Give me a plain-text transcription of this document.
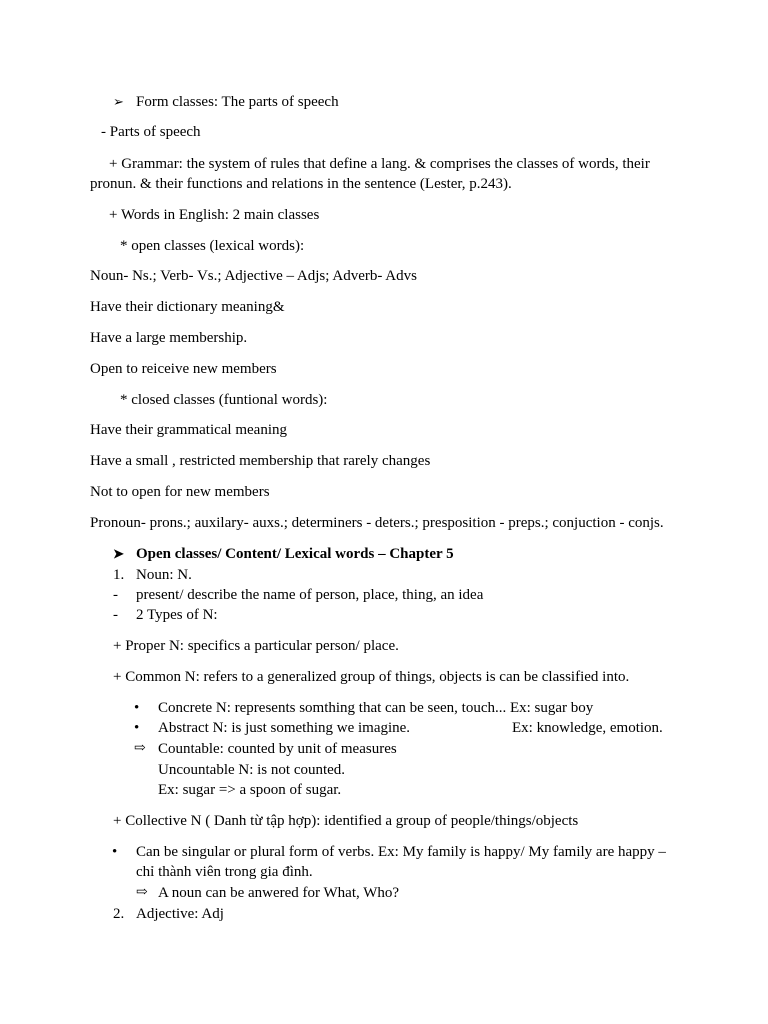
➢ Form classes: The parts of speech
- Parts of speech
+ Grammar: the system of rules that define a lang. & comprises the classes of words, their
pronun. & their functions and relations in the sentence (Lester, p.243).
+ Words in English: 2 main classes
* open classes (lexical words):
Noun- Ns.; Verb- Vs.; Adjective – Adjs; Adverb- Advs
Have their dictionary meaning&
Have a large membership.
Open to reiceive new members
* closed classes (funtional words):
Have their grammatical meaning
Have a small , restricted membership that rarely changes
Not to open for new members
Pronoun- prons.; auxilary- auxs.; determiners - deters.; presposition - preps.; conjuction - conjs.
➤ Open classes/ Content/ Lexical words – Chapter 5
1. Noun: N.
- present/ describe the name of person, place, thing, an idea
- 2 Types of N:
+ Proper N: specifics a particular person/ place.
+ Common N: refers to a generalized group of things, objects is can be classified into.
• Concrete N: represents somthing that can be seen, touch... Ex: sugar boy
• Abstract N: is just something we imagine.	Ex: knowledge, emotion.
⇨ Countable: counted by unit of measures
Uncountable N: is not counted.
Ex: sugar => a spoon of sugar.
+ Collective N ( Danh từ tập hợp): identified a group of people/things/objects
• Can be singular or plural form of verbs. Ex: My family is happy/ My family are happy –
chỉ thành viên trong gia đình.
⇨ A noun can be anwered for What, Who?
2. Adjective: Adj
